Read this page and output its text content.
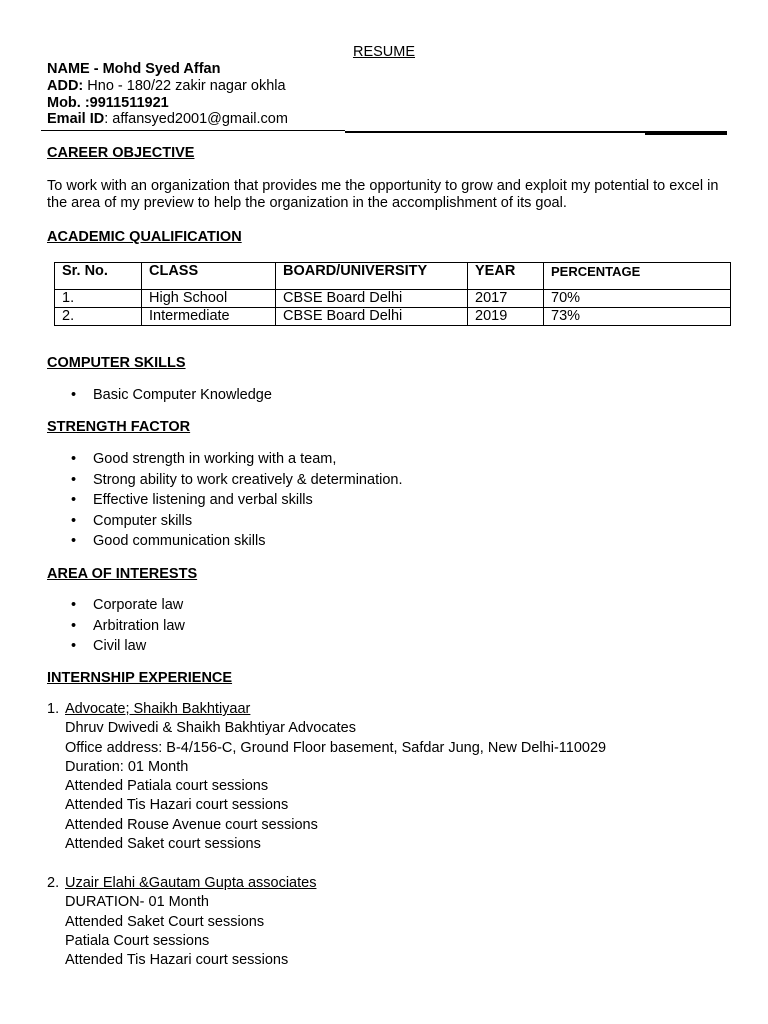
RESUME
NAME - Mohd Syed Affan
ADD: Hno - 180/22 zakir nagar okhla
Mob. :9911511921
Email ID: affansyed2001@gmail.com
CAREER OBJECTIVE
To work with an organization that provides me the opportunity to grow and exploit my potential to excel in the area of my preview to help the organization in the accomplishment of its goal.
ACADEMIC QUALIFICATION
Sr. No.	CLASS	BOARD/UNIVERSITY	YEAR	PERCENTAGE
1.	High School	CBSE Board Delhi	2017	70%
2.	Intermediate	CBSE Board Delhi	2019	73%
COMPUTER SKILLS
• Basic Computer Knowledge
STRENGTH FACTOR
• Good strength in working with a team,
• Strong ability to work creatively & determination.
• Effective listening and verbal skills
• Computer skills
• Good communication skills
AREA OF INTERESTS
• Corporate law
• Arbitration law
• Civil law
INTERNSHIP EXPERIENCE
1. Advocate; Shaikh Bakhtiyaar
Dhruv Dwivedi & Shaikh Bakhtiyar Advocates
Office address: B-4/156-C, Ground Floor basement, Safdar Jung, New Delhi-110029
Duration: 01 Month
Attended Patiala court sessions
Attended Tis Hazari court sessions
Attended Rouse Avenue court sessions
Attended Saket court sessions
2. Uzair Elahi &Gautam Gupta associates
DURATION- 01 Month
Attended Saket Court sessions
Patiala Court sessions
Attended Tis Hazari court sessions
